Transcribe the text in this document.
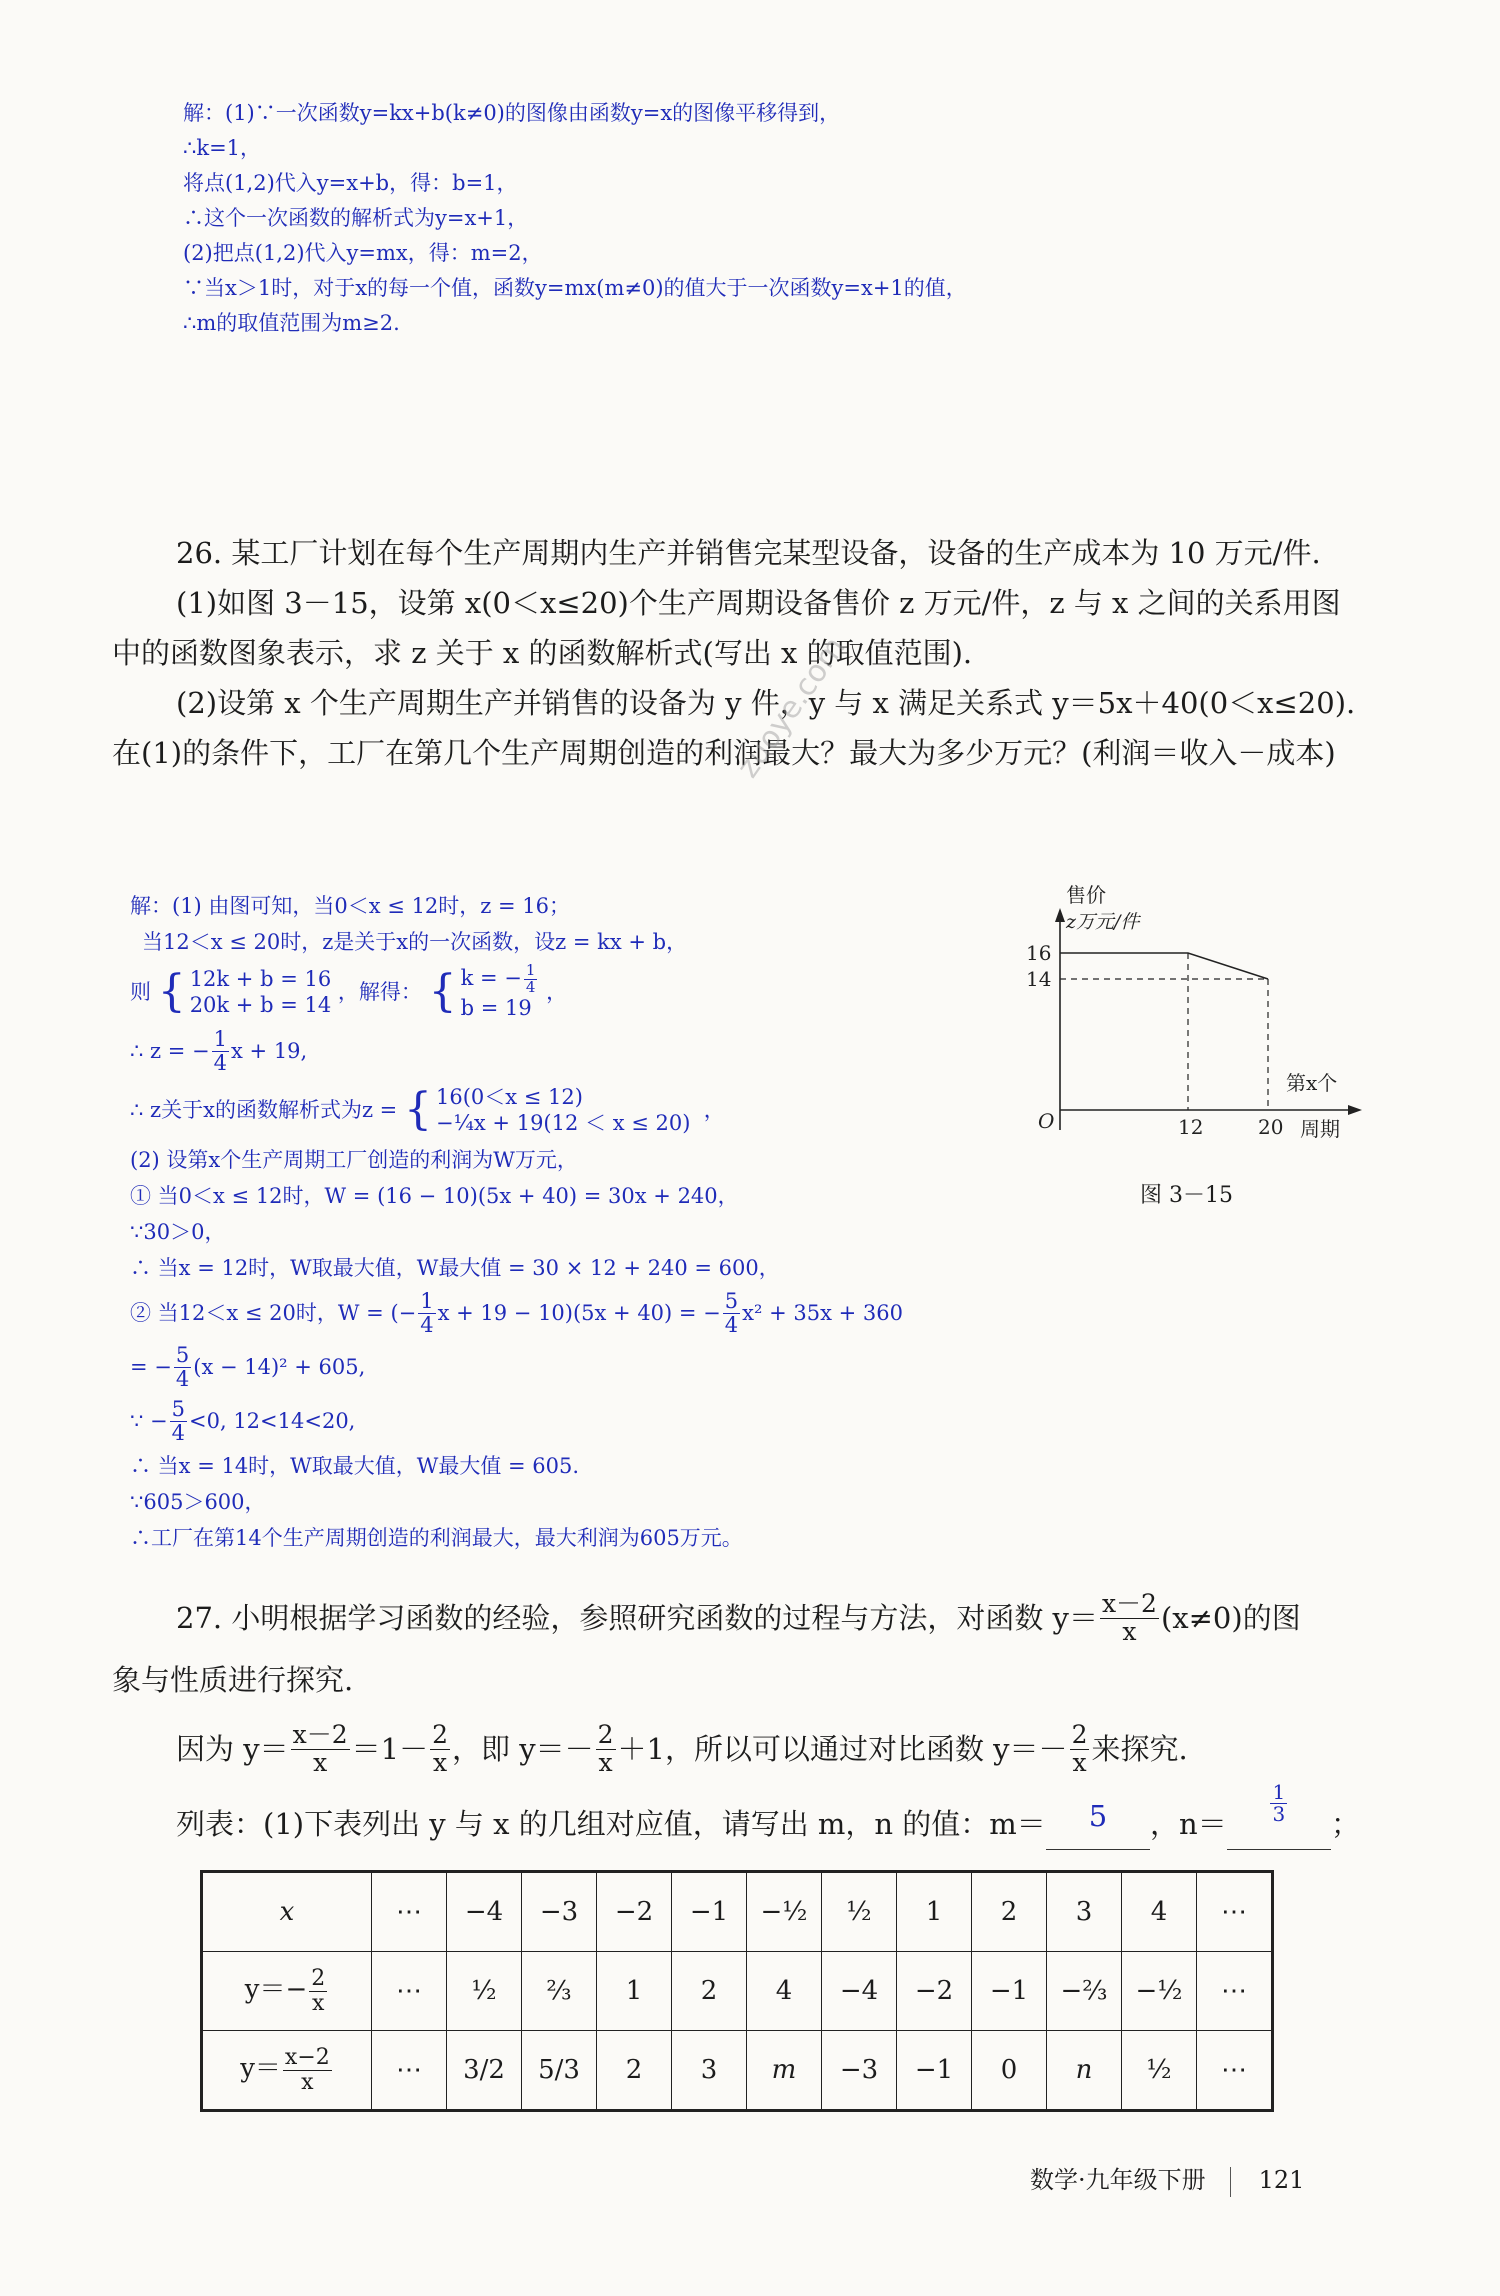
解：(1)∵一次函数y=kx+b(k≠0)的图像由函数y=x的图像平移得到，
∴k=1，
将点(1,2)代入y=x+b，得：b=1，
∴这个一次函数的解析式为y=x+1，
(2)把点(1,2)代入y=mx，得：m=2，
∵当x＞1时，对于x的每一个值，函数y=mx(m≠0)的值大于一次函数y=x+1的值，
∴m的取值范围为m≥2.

26. 某工厂计划在每个生产周期内生产并销售完某型设备，设备的生产成本为 10 万元/件.

(1)如图 3－15，设第 x(0＜x≤20)个生产周期设备售价 z 万元/件，z 与 x 之间的关系用图中的函数图象表示，求 z 关于 x 的函数解析式(写出 x 的取值范围).

(2)设第 x 个生产周期生产并销售的设备为 y 件，y 与 x 满足关系式 y＝5x＋40(0＜x≤20). 在(1)的条件下，工厂在第几个生产周期创造的利润最大？最大为多少万元？(利润＝收入－成本)

zuoye.com
解：(1) 由图可知，当0＜x ≤ 12时，z = 16；
当12＜x ≤ 20时，z是关于x的一次函数，设z = kx + b，
则
{ 12k + b = 16
20k + b = 14

，解得：
{ k = − $\frac{1}{4}$
b = 19

，
∴ z = − $\frac{1}{4}$ x + 19,
∴ z关于x的函数解析式为z =
{ 16(0＜x ≤ 12)
−¼x + 19(12 ＜ x ≤ 20)

，
(2) 设第x个生产周期工厂创造的利润为W万元，
① 当0＜x ≤ 12时，W = (16 − 10)(5x + 40) = 30x + 240，
∵30＞0，
∴ 当x = 12时，W取最大值，W最大值 = 30 × 12 + 240 = 600，
② 当12＜x ≤ 20时，W = (− $\frac{1}{4}$ x + 19 − 10)(5x + 40) = − $\frac{5}{4} x^2 + 35x + 360$
= − $\frac{5}{4} (x - 14)^2 + 605$,
∵ − $\frac{5}{4} <0$, 12<14<20,
∴ 当x = 14时，W取最大值，W最大值 = 605.
∵605＞600，
∴工厂在第14个生产周期创造的利润最大，最大利润为605万元。
售价
z万元/件
16
14
O	12	20
第x个
周期
图 3－15
27. 小明根据学习函数的经验，参照研究函数的过程与方法，对函数 $y= \frac{x-2}{x} (x\ne 0)$的图
象与性质进行探究.
因为 $y= \frac{x-2}{x} =1- \frac{2}{x}$ ，即 $y=- \frac{2}{x} +1$，所以可以通过对比函数 $y=- \frac{2}{x}$ 来探究.
列表：(1)下表列出 y 与 x 的几组对应值，请写出 m，n 的值：m＝	5	，$n= \frac{1}{3}$ ；
x	⋯	−4	−3	−2	−1	−½	½	1	2	3	4	⋯
$y=- \frac{2}{x}$	⋯	½	⅔	1	2	4	−4	−2	−1	−⅔	−½	⋯
$y= \frac{x-2}{x}$	⋯	3/2	5/3	2	3	m	−3	−1	0	n	½	⋯
数学·九年级下册 121
